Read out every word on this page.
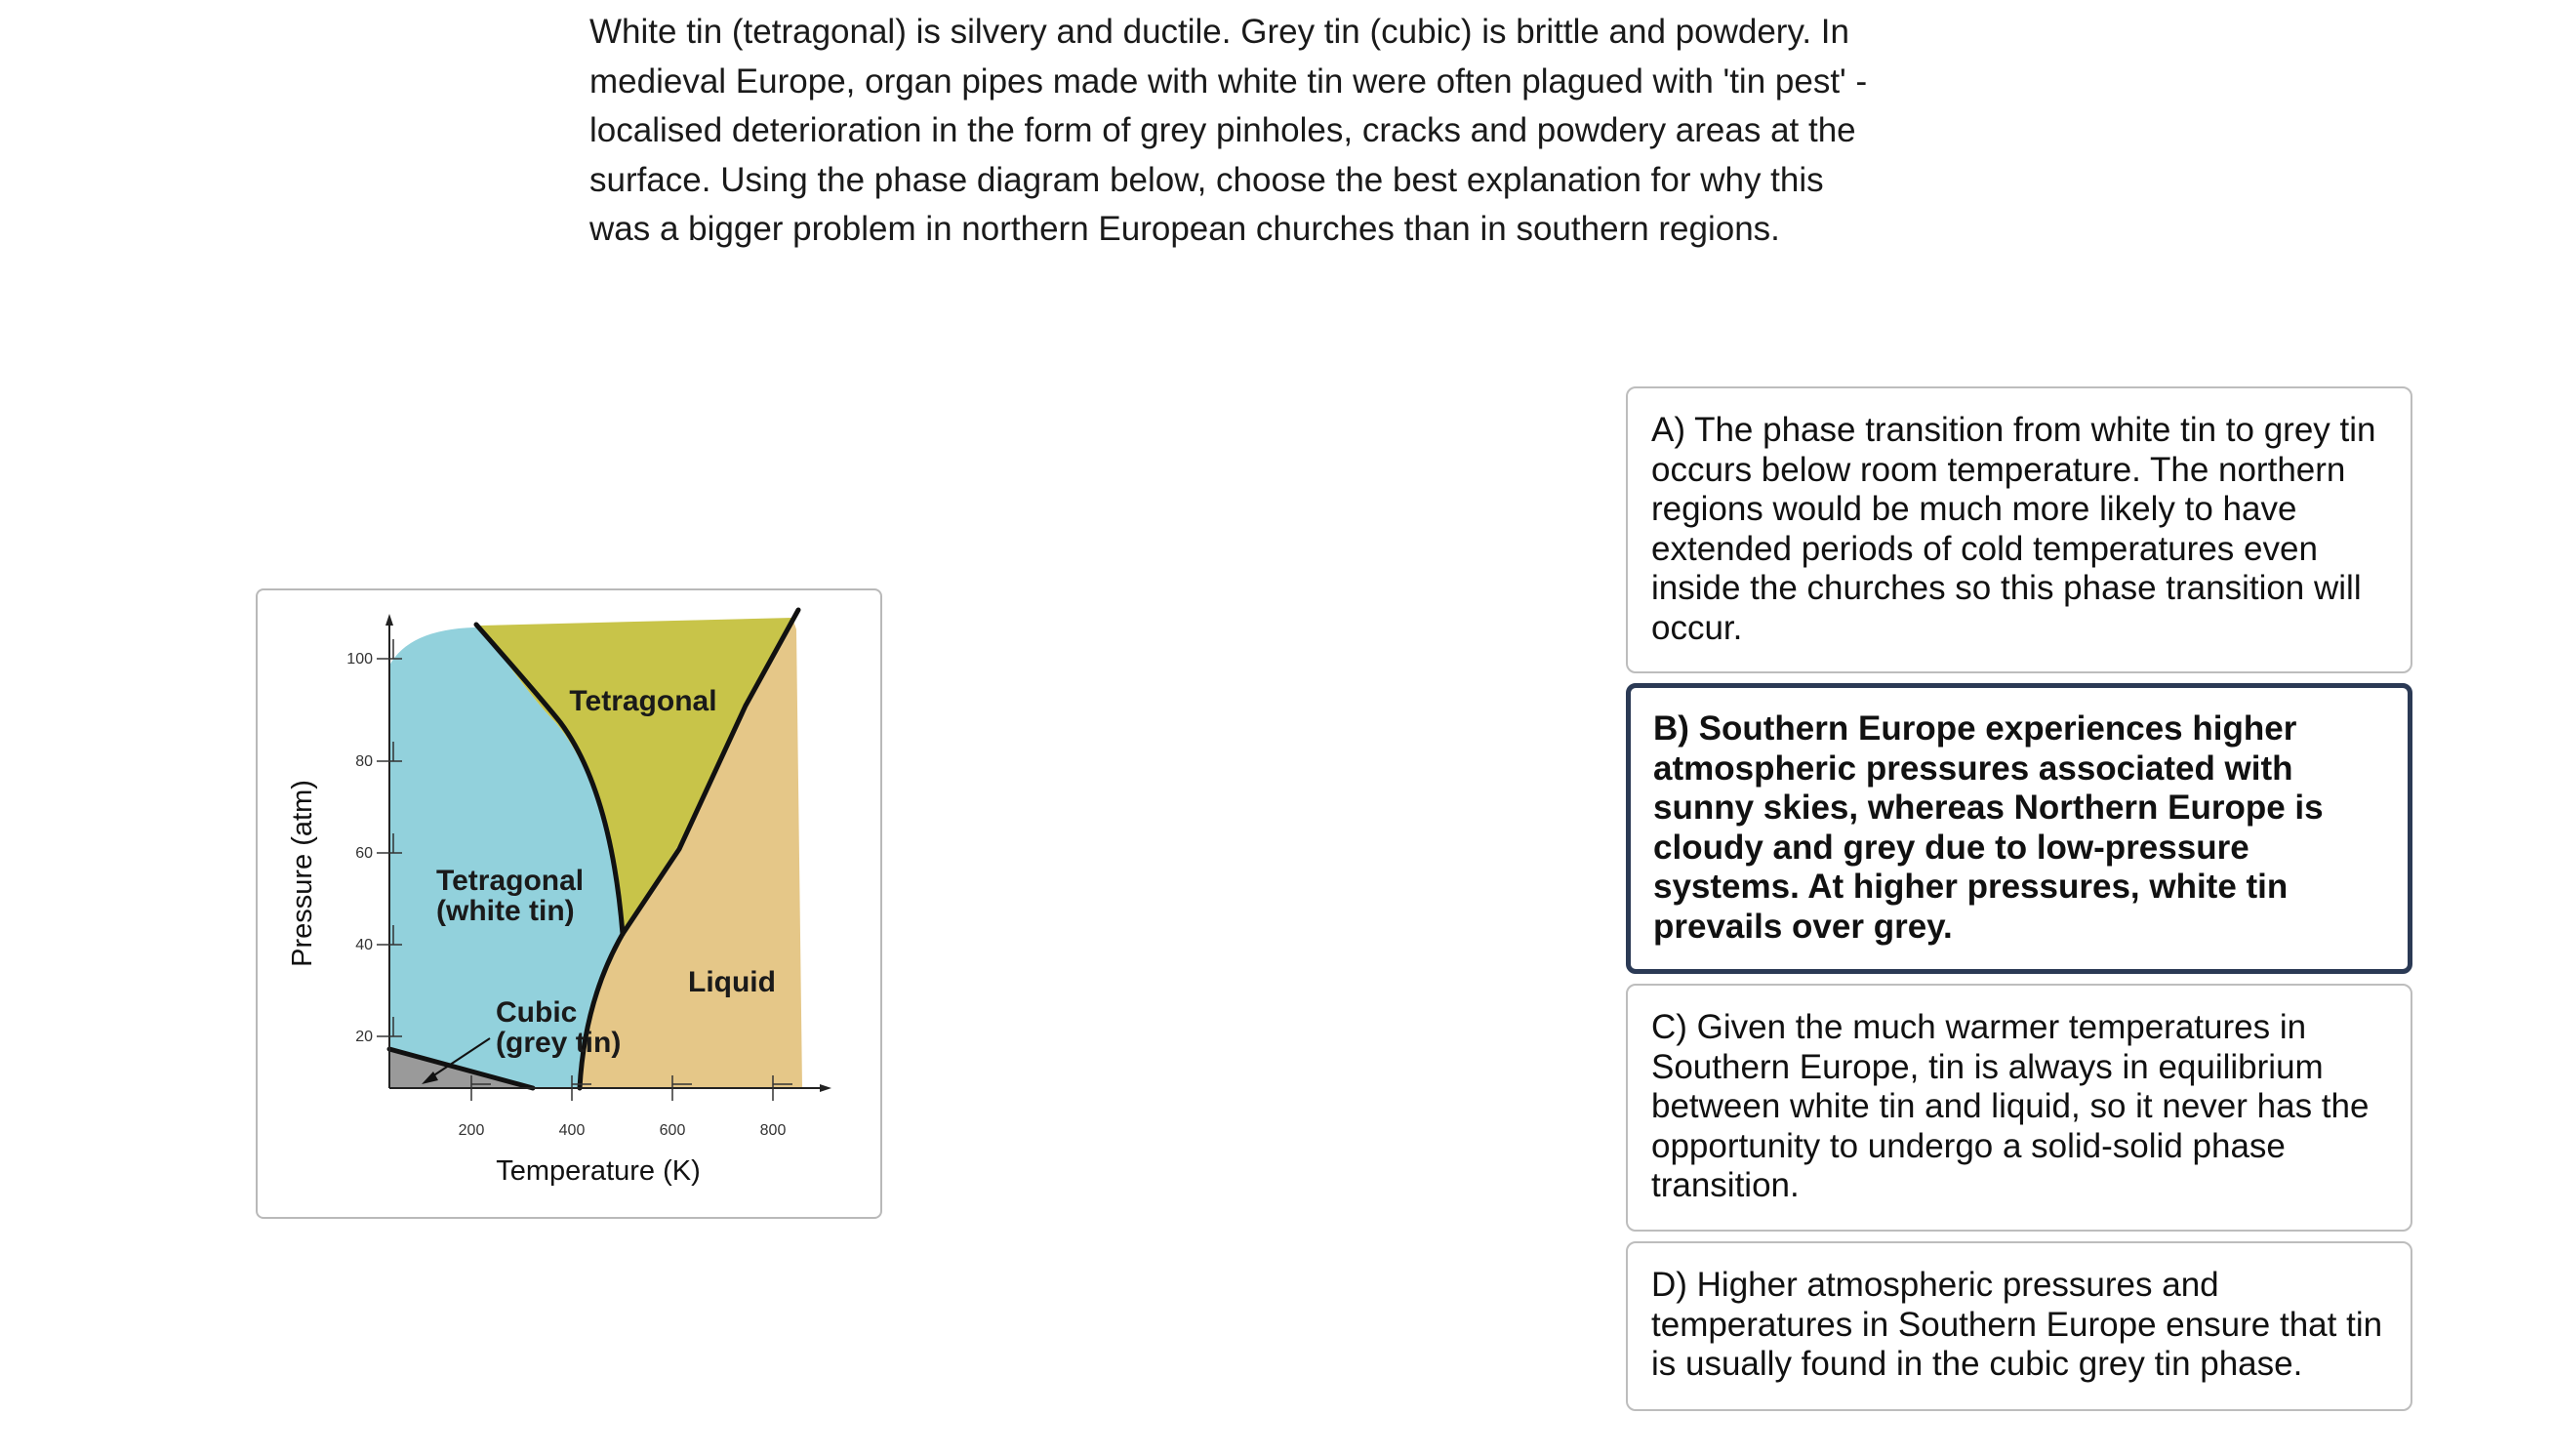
White tin (tetragonal) is silvery and ductile. Grey tin (cubic) is brittle and powdery. In medieval Europe, organ pipes made with white tin were often plagued with 'tin pest' - localised deterioration in the form of grey pinholes, cracks and powdery areas at the surface. Using the phase diagram below, choose the best explanation for why this was a bigger problem in northern European churches than in southern regions.
20
40
60
80
100
200	400	600	800
Temperature (K)
Pressure (atm)
Tetragonal
Tetragonal
(white tin)
Liquid
Cubic
(grey tin)
A) The phase transition from white tin to grey tin occurs below room temperature. The northern regions would be much more likely to have extended periods of cold temperatures even inside the churches so this phase transition will occur.
B) Southern Europe experiences higher atmospheric pressures associated with sunny skies, whereas Northern Europe is cloudy and grey due to low-pressure systems. At higher pressures, white tin prevails over grey.
C) Given the much warmer temperatures in Southern Europe, tin is always in equilibrium between white tin and liquid, so it never has the opportunity to undergo a solid-solid phase transition.
D) Higher atmospheric pressures and temperatures in Southern Europe ensure that tin is usually found in the cubic grey tin phase.
